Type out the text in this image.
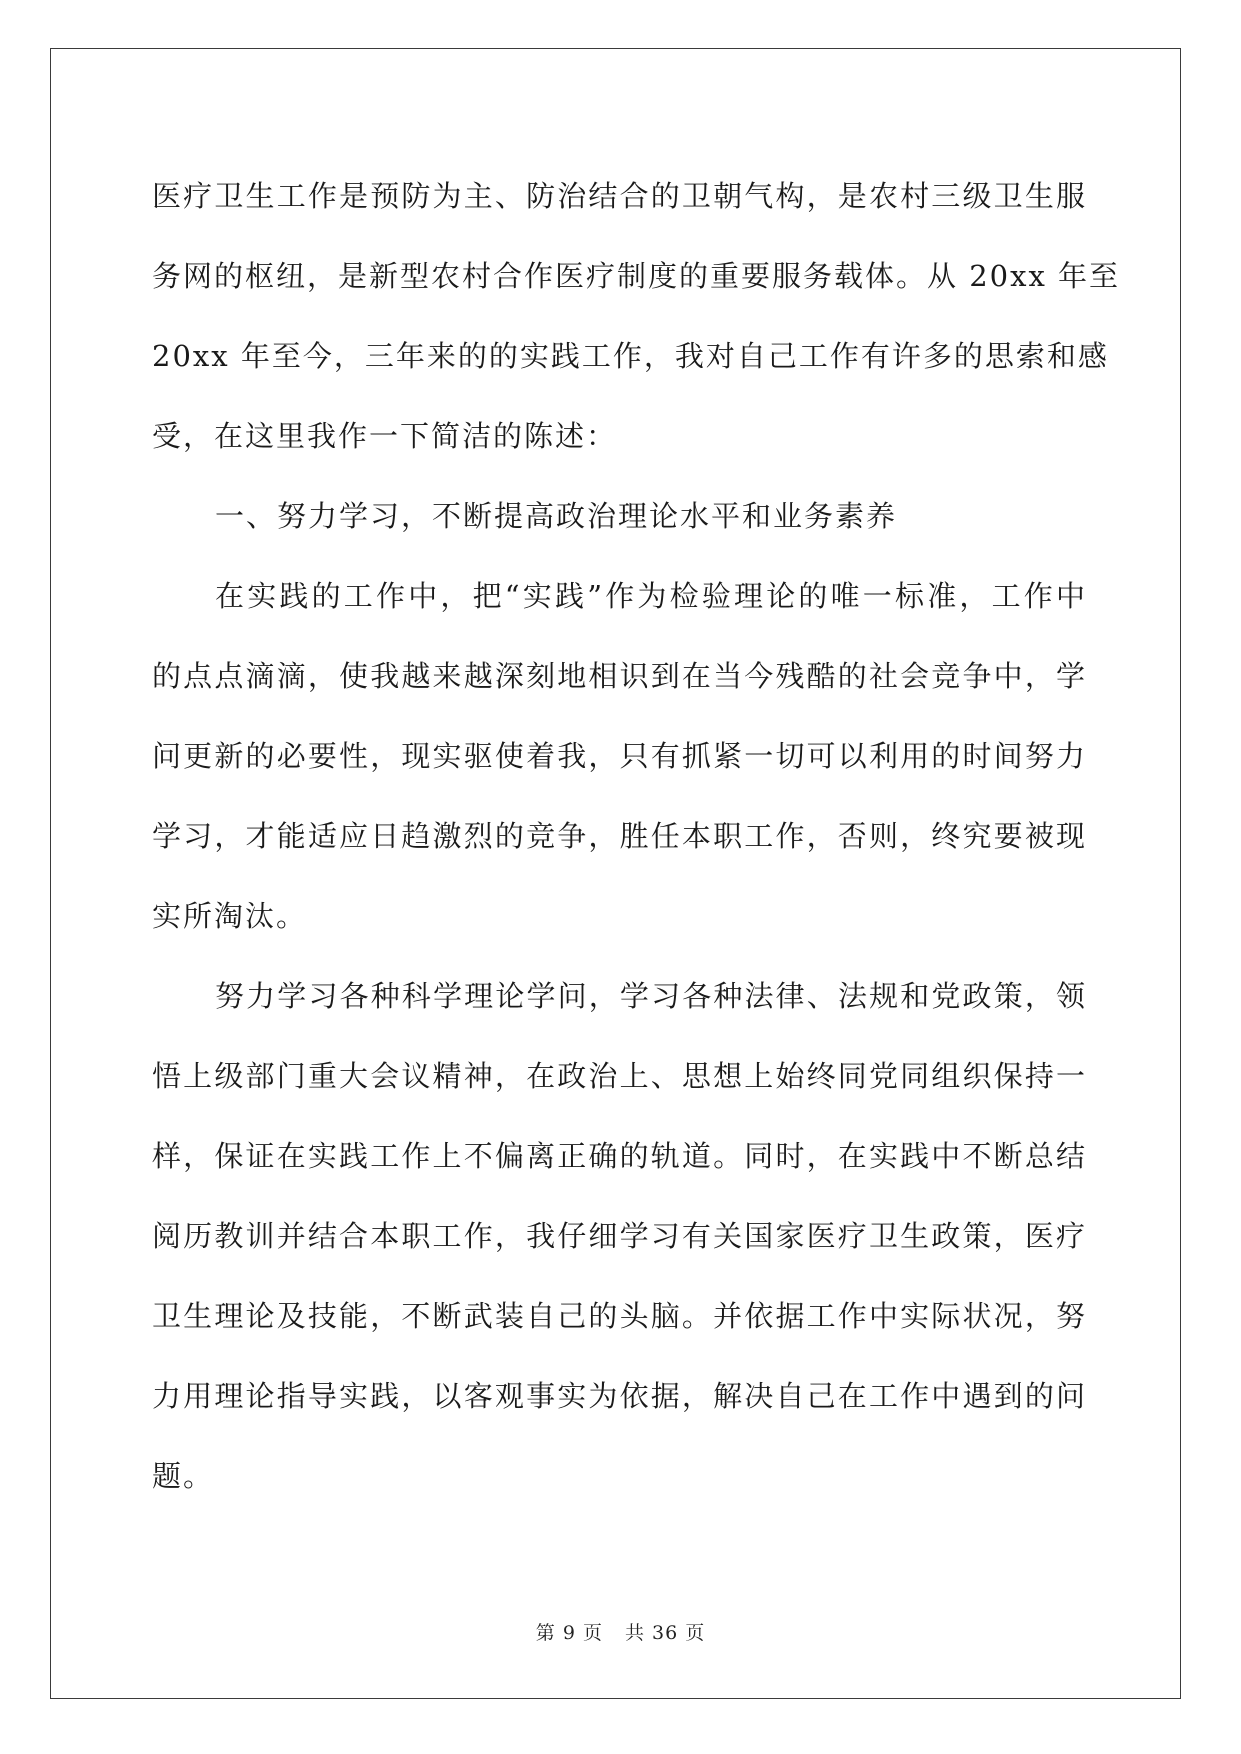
医疗卫生工作是预防为主、防治结合的卫朝气构，是农村三级卫生服
务网的枢纽，是新型农村合作医疗制度的重要服务载体。从 20xx 年至
20xx 年至今，三年来的的实践工作，我对自己工作有许多的思索和感
受，在这里我作一下简洁的陈述：
一、努力学习，不断提高政治理论水平和业务素养
在实践的工作中，把“实践”作为检验理论的唯一标准，工作中
的点点滴滴，使我越来越深刻地相识到在当今残酷的社会竞争中，学
问更新的必要性，现实驱使着我，只有抓紧一切可以利用的时间努力
学习，才能适应日趋激烈的竞争，胜任本职工作，否则，终究要被现
实所淘汰。
努力学习各种科学理论学问，学习各种法律、法规和党政策，领
悟上级部门重大会议精神，在政治上、思想上始终同党同组织保持一
样，保证在实践工作上不偏离正确的轨道。同时，在实践中不断总结
阅历教训并结合本职工作，我仔细学习有关国家医疗卫生政策，医疗
卫生理论及技能，不断武装自己的头脑。并依据工作中实际状况，努
力用理论指导实践，以客观事实为依据，解决自己在工作中遇到的问
题。
第 9 页 共 36 页
